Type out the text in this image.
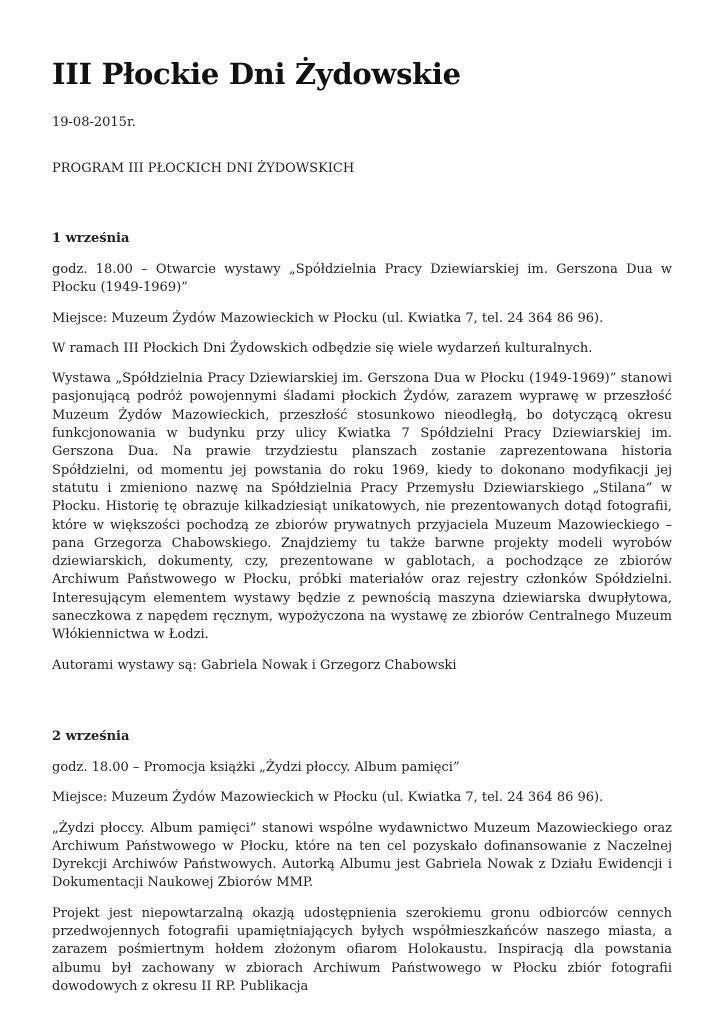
III Płockie Dni Żydowskie

19-08-2015r.

PROGRAM III PŁOCKICH DNI ŻYDOWSKICH

1 września

godz. 18.00 – Otwarcie wystawy „Spółdzielnia Pracy Dziewiarskiej im. Gerszona Dua w Płocku (1949-1969)”

Miejsce: Muzeum Żydów Mazowieckich w Płocku (ul. Kwiatka 7, tel. 24 364 86 96).

W ramach III Płockich Dni Żydowskich odbędzie się wiele wydarzeń kulturalnych.

Wystawa „Spółdzielnia Pracy Dziewiarskiej im. Gerszona Dua w Płocku (1949-1969)” stanowi pasjonującą podróż powojennymi śladami płockich Żydów, zarazem wyprawę w przeszłość Muzeum Żydów Mazowieckich, przeszłość stosunkowo nieodległą, bo dotyczącą okresu funkcjonowania w budynku przy ulicy Kwiatka 7 Spółdzielni Pracy Dziewiarskiej im. Gerszona Dua. Na prawie trzydziestu planszach zostanie zaprezentowana historia Spółdzielni, od momentu jej powstania do roku 1969, kiedy to dokonano modyfikacji jej statutu i zmieniono nazwę na Spółdzielnia Pracy Przemysłu Dziewiarskiego „Stilana” w Płocku. Historię tę obrazuje kilkadziesiąt unikatowych, nie prezentowanych dotąd fotografii, które w większości pochodzą ze zbiorów prywatnych przyjaciela Muzeum Mazowieckiego – pana Grzegorza Chabowskiego. Znajdziemy tu także barwne projekty modeli wyrobów dziewiarskich, dokumenty, czy, prezentowane w gablotach, a pochodzące ze zbiorów Archiwum Państwowego w Płocku, próbki materiałów oraz rejestry członków Spółdzielni. Interesującym elementem wystawy będzie z pewnością maszyna dziewiarska dwupłytowa, saneczkowa z napędem ręcznym, wypożyczona na wystawę ze zbiorów Centralnego Muzeum Włókiennictwa w Łodzi.

Autorami wystawy są: Gabriela Nowak i Grzegorz Chabowski

2 września

godz. 18.00 – Promocja książki „Żydzi płoccy. Album pamięci”

Miejsce: Muzeum Żydów Mazowieckich w Płocku (ul. Kwiatka 7, tel. 24 364 86 96).

„Żydzi płoccy. Album pamięci” stanowi wspólne wydawnictwo Muzeum Mazowieckiego oraz Archiwum Państwowego w Płocku, które na ten cel pozyskało dofinansowanie z Naczelnej Dyrekcji Archiwów Państwowych. Autorką Albumu jest Gabriela Nowak z Działu Ewidencji i Dokumentacji Naukowej Zbiorów MMP.

Projekt jest niepowtarzalną okazją udostępnienia szerokiemu gronu odbiorców cennych przedwojennych fotografii upamiętniających byłych współmieszkańców naszego miasta, a zarazem pośmiertnym hołdem złożonym ofiarom Holokaustu. Inspiracją dla powstania albumu był zachowany w zbiorach Archiwum Państwowego w Płocku zbiór fotografii dowodowych z okresu II RP. Publikacja
